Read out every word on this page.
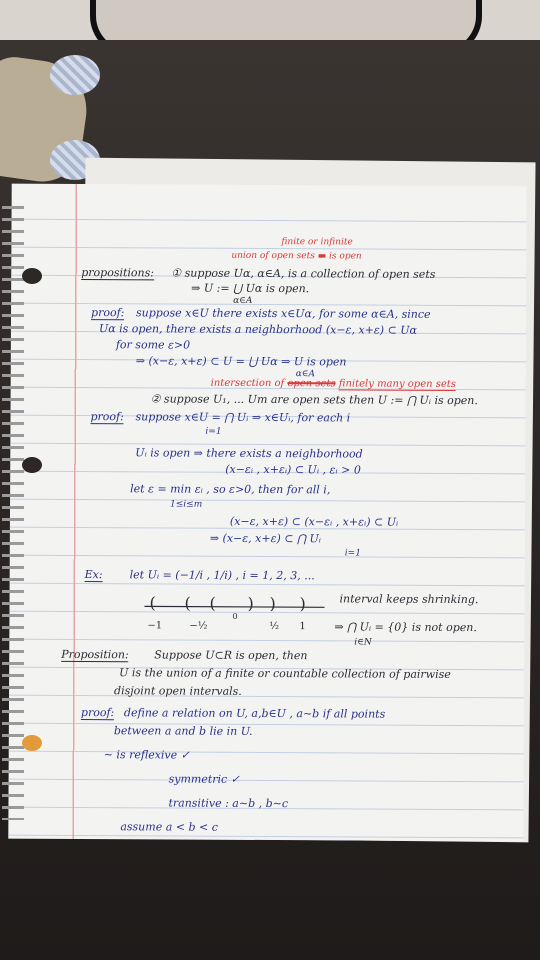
finite or infinite
union of open sets ▬ is open
propositions: ① suppose Uα, α∈A, is a collection of open sets
⇒ U := ⋃ Uα is open.
α∈A
proof: suppose x∈U there exists x∈Uα, for some α∈A, since
Uα is open, there exists a neighborhood (x−ε, x+ε) ⊂ Uα
for some ε>0
⇒ (x−ε, x+ε) ⊂ U = ⋃ Uα ⇒ U is open
α∈A
intersection of open sets finitely many open sets
② suppose U₁, ... Um are open sets then U := ⋂ Uᵢ is open.
proof: suppose x∈U = ⋂ Uᵢ ⇒ x∈Uᵢ, for each i
i=1
Uᵢ is open ⇒ there exists a neighborhood
(x−εᵢ , x+εᵢ) ⊂ Uᵢ , εᵢ > 0
let ε = min εᵢ , so ε>0, then for all i,
1≤i≤m
(x−ε, x+ε) ⊂ (x−εᵢ , x+εᵢ) ⊂ Uᵢ
⇒ (x−ε, x+ε) ⊂ ⋂ Uᵢ
i=1
Ex: let Uᵢ = (−1/i , 1/i) , i = 1, 2, 3, ...
interval keeps shrinking.
( ( ( ) ) )
−1	−½
0
½ 1	⇒ ⋂ Uᵢ = {0} is not open.
i∈N
Proposition: Suppose U⊂R is open, then
U is the union of a finite or countable collection of pairwise
disjoint open intervals.
proof: define a relation on U, a,b∈U , a~b if all points
between a and b lie in U.
~ is reflexive ✓
symmetric ✓
transitive : a~b , b~c
assume a < b < c
